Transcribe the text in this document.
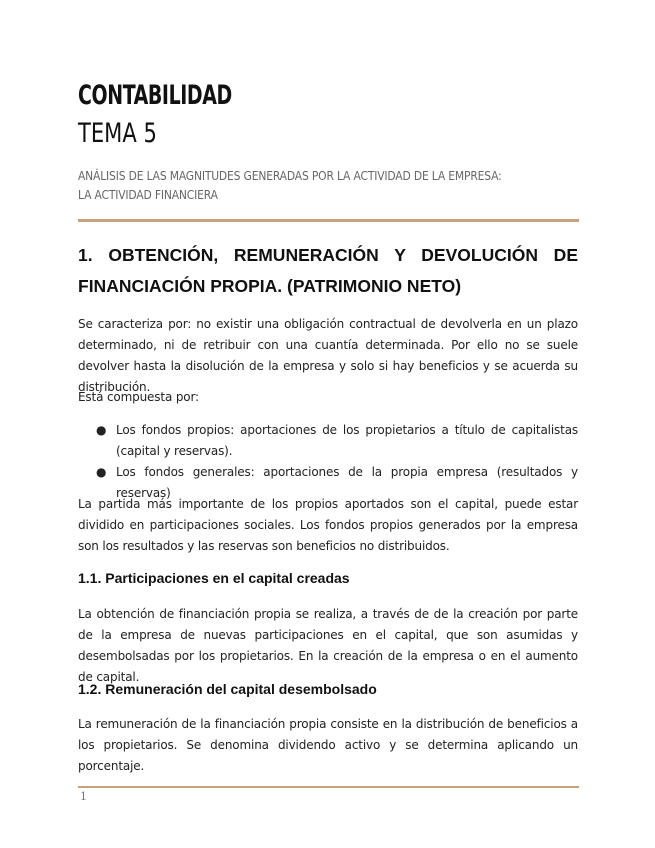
CONTABILIDAD
TEMA 5
ANÁLISIS DE LAS MAGNITUDES GENERADAS POR LA ACTIVIDAD DE LA EMPRESA:
LA ACTIVIDAD FINANCIERA
1. OBTENCIÓN, REMUNERACIÓN Y DEVOLUCIÓN DE FINANCIACIÓN PROPIA. (PATRIMONIO NETO)
Se caracteriza por: no existir una obligación contractual de devolverla en un plazo determinado, ni de retribuir con una cuantía determinada. Por ello no se suele devolver hasta la disolución de la empresa y solo si hay beneficios y se acuerda su distribución.
Está compuesta por:
● Los fondos propios: aportaciones de los propietarios a título de capitalistas (capital y reservas).
● Los fondos generales: aportaciones de la propia empresa (resultados y reservas)
La partida más importante de los propios aportados son el capital, puede estar dividido en participaciones sociales. Los fondos propios generados por la empresa son los resultados y las reservas son beneficios no distribuidos.
1.1. Participaciones en el capital creadas
La obtención de financiación propia se realiza, a través de de la creación por parte de la empresa de nuevas participaciones en el capital, que son asumidas y desembolsadas por los propietarios. En la creación de la empresa o en el aumento de capital.
1.2. Remuneración del capital desembolsado
La remuneración de la financiación propia consiste en la distribución de beneficios a los propietarios. Se denomina dividendo activo y se determina aplicando un porcentaje.
1
